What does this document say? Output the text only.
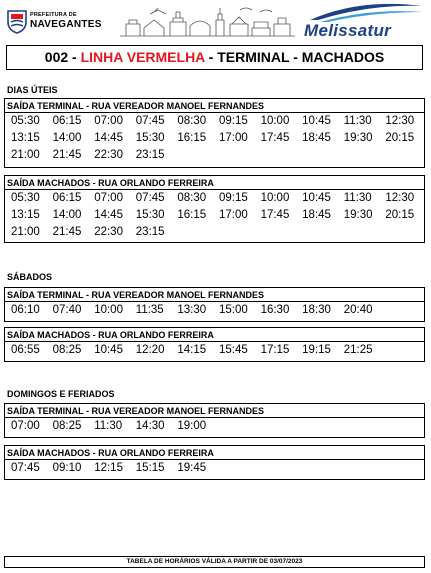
PREFEITURA DE
NAVEGANTES	Melissatur
002 - LINHA VERMELHA - TERMINAL - MACHADOS
DIAS ÚTEIS
SAÍDA TERMINAL - RUA VEREADOR MANOEL FERNANDES
05:30	06:15	07:00	07:45	08:30	09:15	10:00	10:45	11:30	12:30
13:15	14:00	14:45	15:30	16:15	17:00	17:45	18:45	19:30	20:15
21:00	21:45	22:30	23:15
SAÍDA MACHADOS - RUA ORLANDO FERREIRA
05:30	06:15	07:00	07:45	08:30	09:15	10:00	10:45	11:30	12:30
13:15	14:00	14:45	15:30	16:15	17:00	17:45	18:45	19:30	20:15
21:00	21:45	22:30	23:15
SÁBADOS
SAÍDA TERMINAL - RUA VEREADOR MANOEL FERNANDES
06:10	07:40	10:00	11:35	13:30	15:00	16:30	18:30	20:40
SAÍDA MACHADOS - RUA ORLANDO FERREIRA
06:55	08:25	10:45	12:20	14:15	15:45	17:15	19:15	21:25
DOMINGOS E FERIADOS
SAÍDA TERMINAL - RUA VEREADOR MANOEL FERNANDES
07:00	08:25	11:30	14:30	19:00
SAÍDA MACHADOS - RUA ORLANDO FERREIRA
07:45	09:10	12:15	15:15	19:45
TABELA DE HORÁRIOS VÁLIDA A PARTIR DE 03/07/2023
